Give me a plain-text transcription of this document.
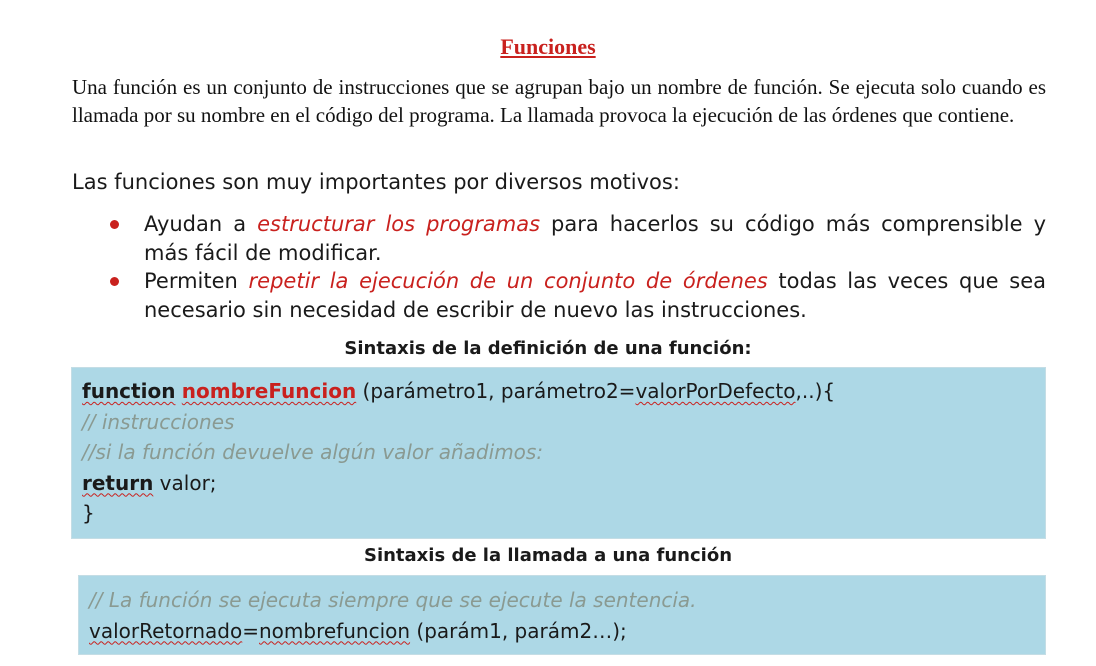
Funciones
Una función es un conjunto de instrucciones que se agrupan bajo un nombre de función. Se ejecuta solo cuando es llamada por su nombre en el código del programa. La llamada provoca la ejecución de las órdenes que contiene.
Las funciones son muy importantes por diversos motivos:
Ayudan a estructurar los programas para hacerlos su código más comprensible y más fácil de modificar.
Permiten repetir la ejecución de un conjunto de órdenes todas las veces que sea necesario sin necesidad de escribir de nuevo las instrucciones.
Sintaxis de la definición de una función:
function nombreFuncion (parámetro1, parámetro2=valorPorDefecto,..){
// instrucciones
//si la función devuelve algún valor añadimos:
return valor;
}
Sintaxis de la llamada a una función
// La función se ejecuta siempre que se ejecute la sentencia.
valorRetornado=nombrefuncion (parám1, parám2…);
